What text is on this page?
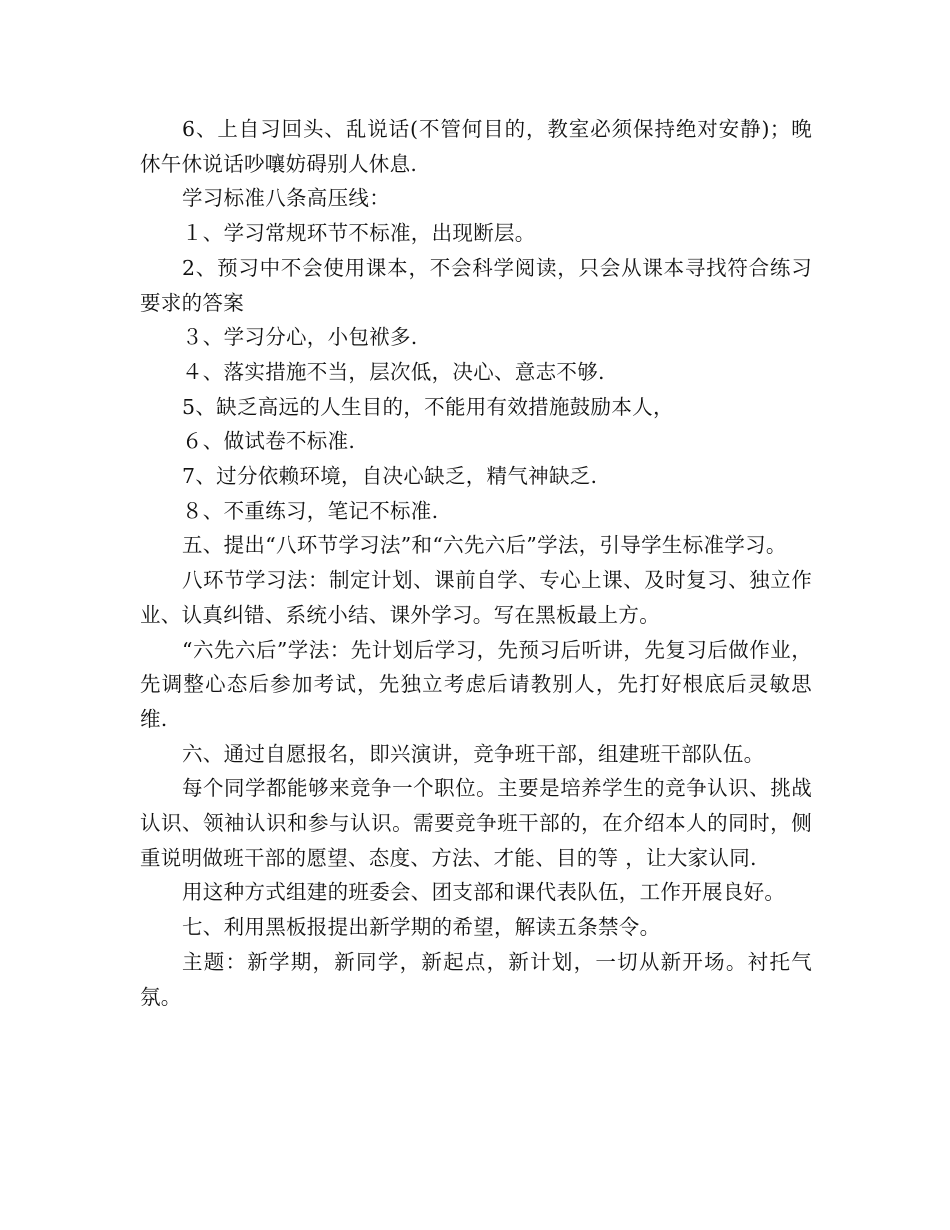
6、上自习回头、乱说话(不管何目的，教室必须保持绝对安静)；晚休午休说话吵嚷妨碍别人休息.

学习标准八条高压线：

１、学习常规环节不标准，出现断层。

2、预习中不会使用课本，不会科学阅读，只会从课本寻找符合练习要求的答案

３、学习分心，小包袱多.

４、落实措施不当，层次低，决心、意志不够.

5、缺乏高远的人生目的，不能用有效措施鼓励本人，

６、做试卷不标准.

7、过分依赖环境，自决心缺乏，精气神缺乏.

８、不重练习，笔记不标准.

五、提出“八环节学习法”和“六先六后”学法，引导学生标准学习。

八环节学习法：制定计划、课前自学、专心上课、及时复习、独立作业、认真纠错、系统小结、课外学习。写在黑板最上方。

“六先六后”学法：先计划后学习，先预习后听讲，先复习后做作业，先调整心态后参加考试，先独立考虑后请教别人，先打好根底后灵敏思维.

六、通过自愿报名，即兴演讲，竞争班干部，组建班干部队伍。

每个同学都能够来竞争一个职位。主要是培养学生的竞争认识、挑战认识、领袖认识和参与认识。需要竞争班干部的，在介绍本人的同时，侧重说明做班干部的愿望、态度、方法、才能、目的等 ，让大家认同.

用这种方式组建的班委会、团支部和课代表队伍，工作开展良好。

七、利用黑板报提出新学期的希望，解读五条禁令。

主题：新学期，新同学，新起点，新计划，一切从新开场。衬托气氛。
